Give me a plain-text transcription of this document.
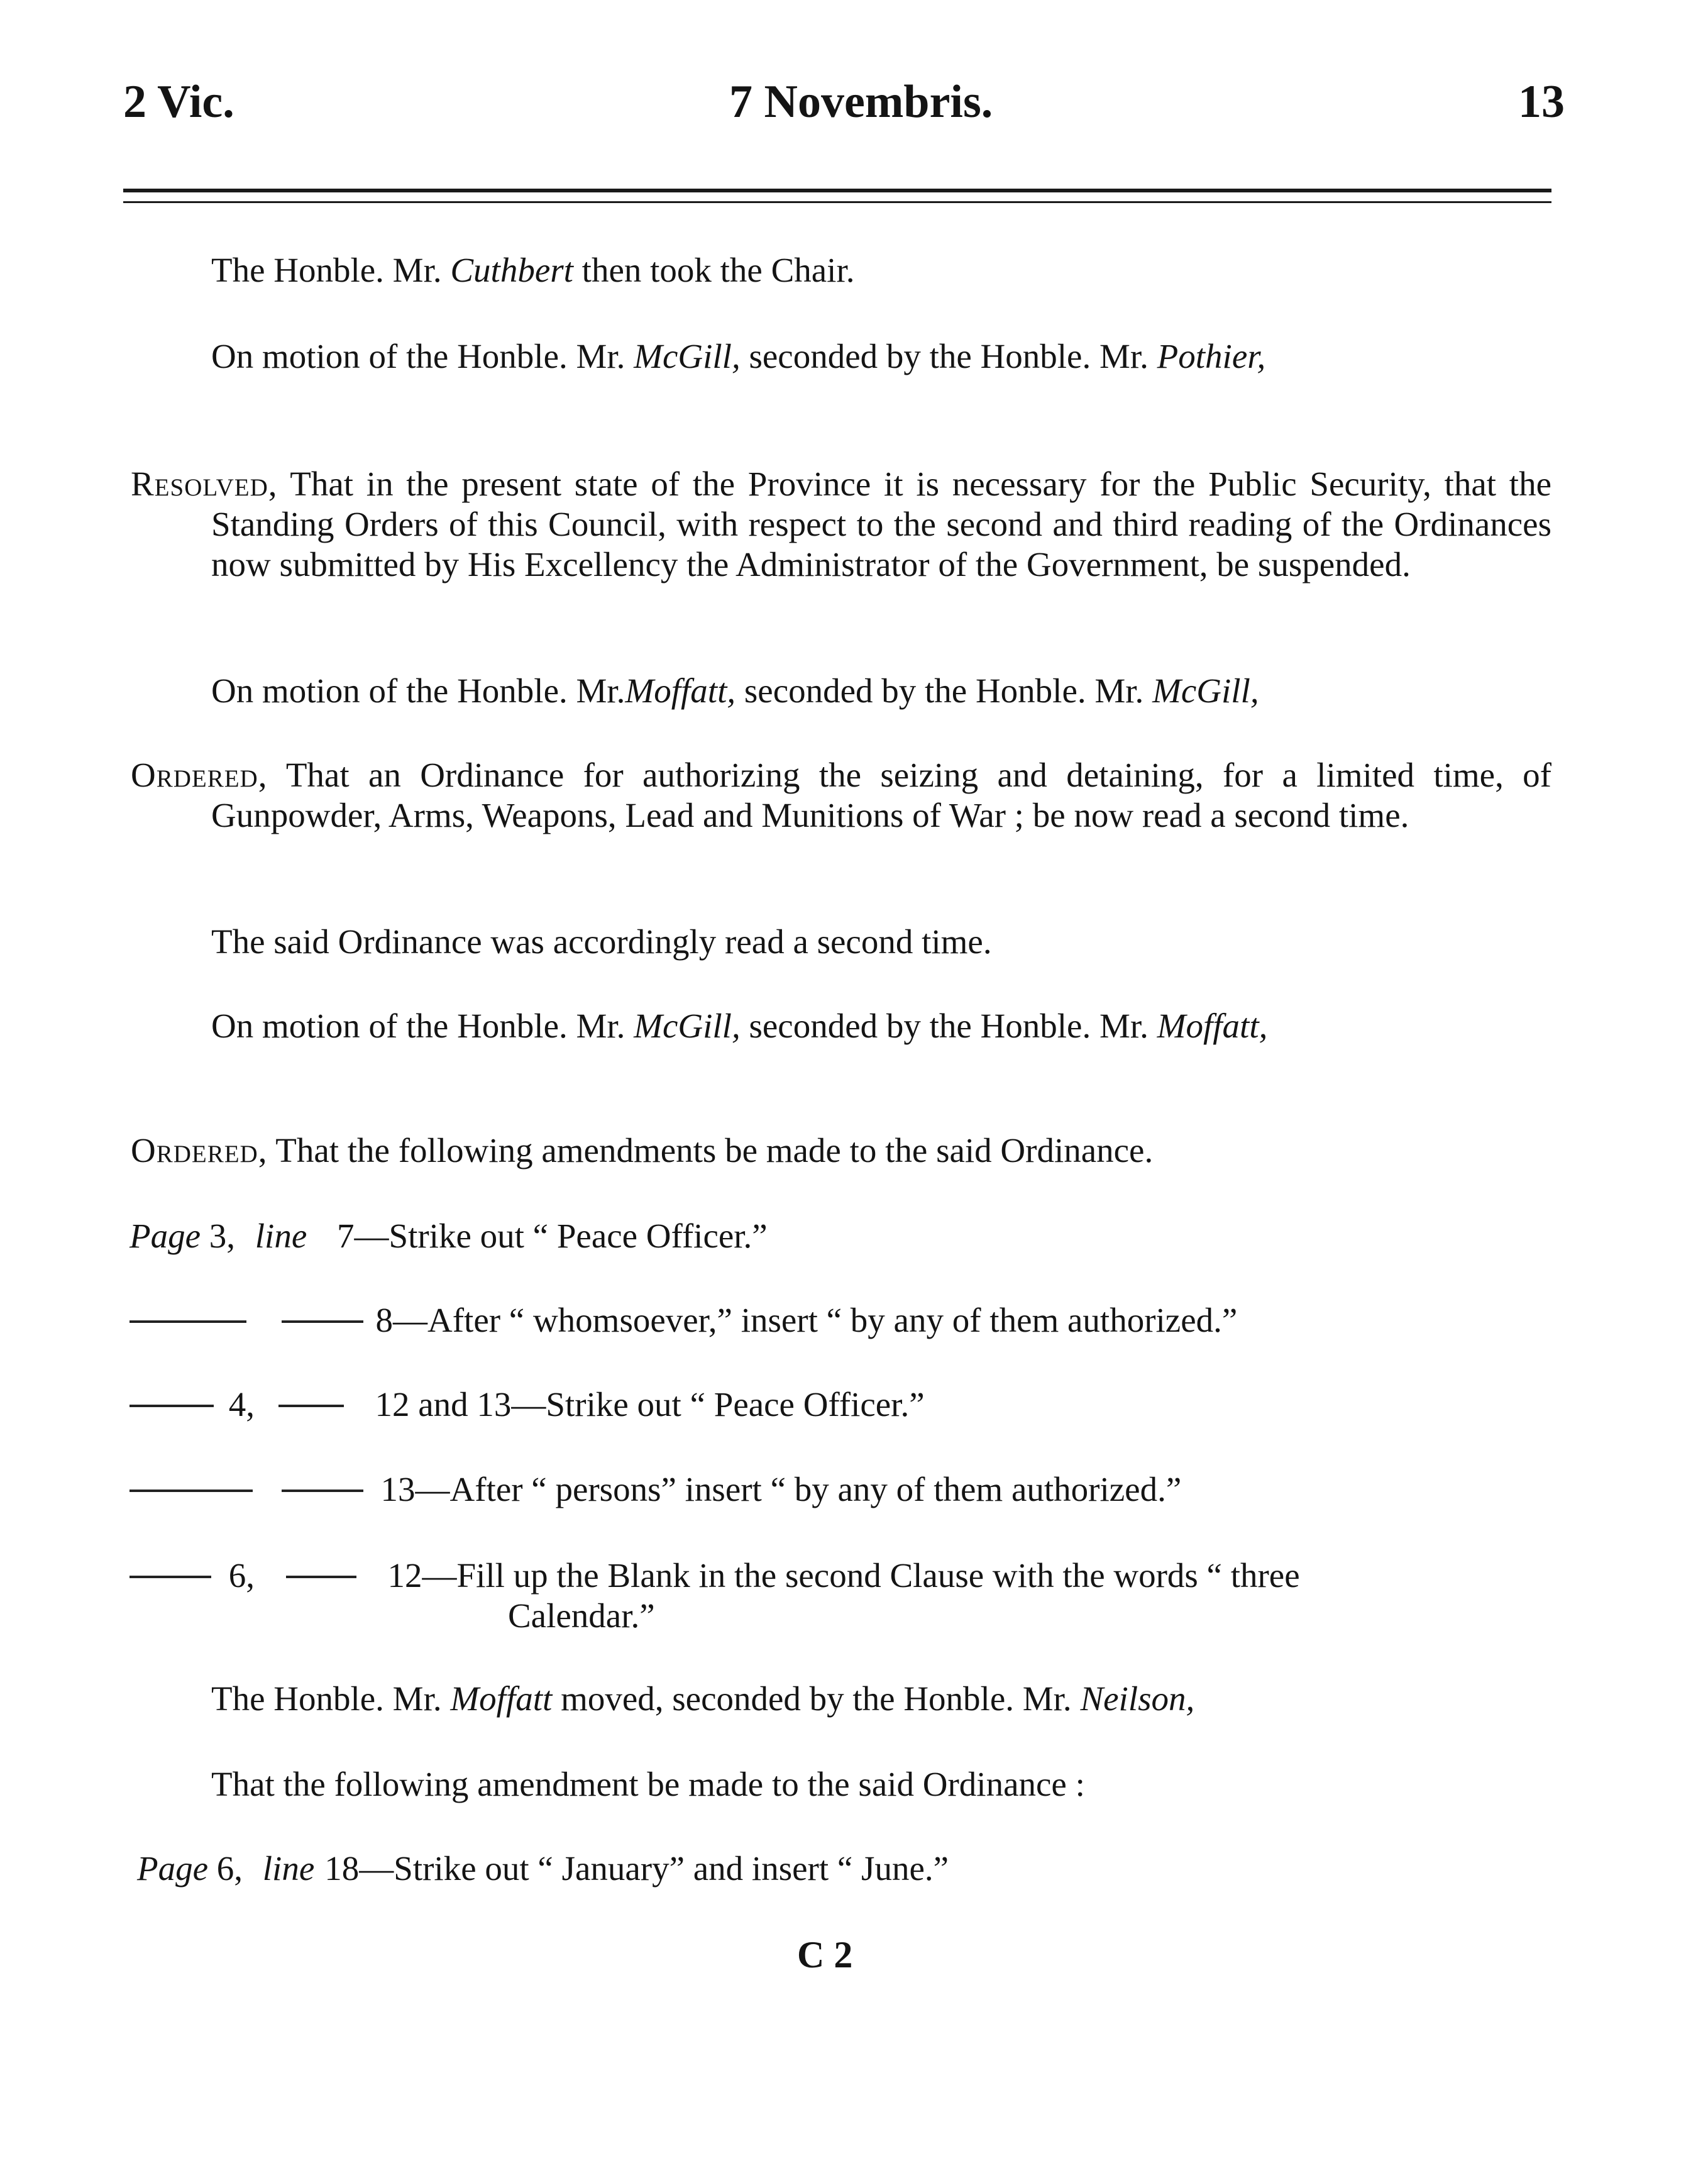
2 Vic.	7 Novembris.	13
The Honble. Mr. Cuthbert then took the Chair.
On motion of the Honble. Mr. McGill, seconded by the Honble. Mr. Pothier,
Resolved, That in the present state of the Province it is necessary for the Public Security, that the Standing Orders of this Council, with respect to the second and third reading of the Ordinances now submitted by His Excellency the Administrator of the Government, be suspended.
On motion of the Honble. Mr.Moffatt, seconded by the Honble. Mr. McGill,
Ordered, That an Ordinance for authorizing the seizing and detaining, for a limited time, of Gunpowder, Arms, Weapons, Lead and Munitions of War ; be now read a second time.
The said Ordinance was accordingly read a second time.
On motion of the Honble. Mr. McGill, seconded by the Honble. Mr. Moffatt,
Ordered, That the following amendments be made to the said Ordinance.
Page 3, line 7—Strike out “ Peace Officer.”
8—After “ whomsoever,” insert “ by any of them authorized.”
4,	12 and 13—Strike out “ Peace Officer.”
13—After “ persons” insert “ by any of them authorized.”
6,	12—Fill up the Blank in the second Clause with the words “ three
Calendar.”
The Honble. Mr. Moffatt moved, seconded by the Honble. Mr. Neilson,
That the following amendment be made to the said Ordinance :
Page 6, line 18—Strike out “ January” and insert “ June.”
C 2
